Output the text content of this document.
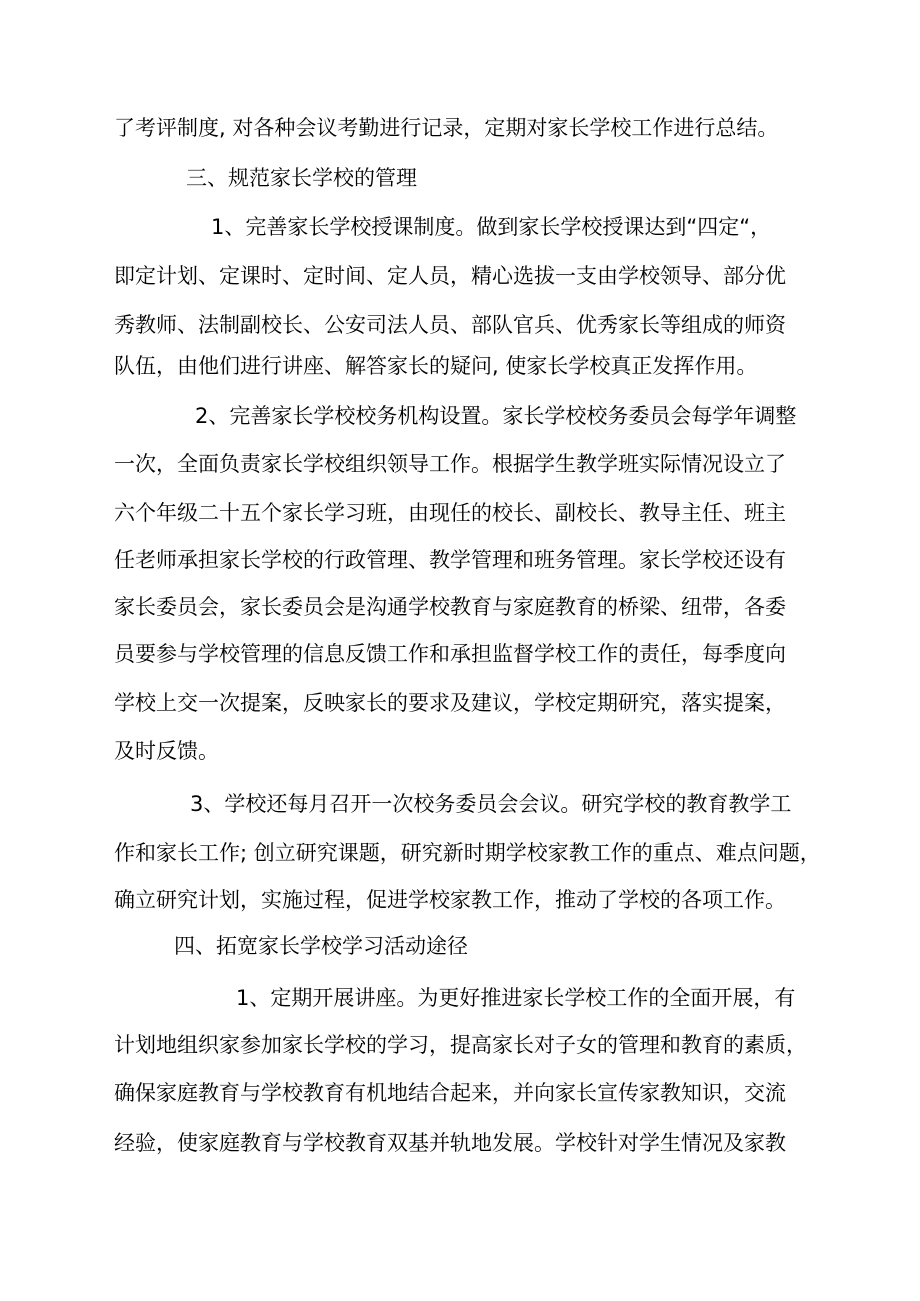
了考评制度, 对各种会议考勤进行记录，定期对家长学校工作进行总结。
三、规范家长学校的管理
1、完善家长学校授课制度。做到家长学校授课达到“四定“，
即定计划、定课时、定时间、定人员，精心选拔一支由学校领导、部分优
秀教师、法制副校长、公安司法人员、部队官兵、优秀家长等组成的师资
队伍，由他们进行讲座、解答家长的疑问, 使家长学校真正发挥作用。
2、完善家长学校校务机构设置。家长学校校务委员会每学年调整
一次，全面负责家长学校组织领导工作。根据学生教学班实际情况设立了
六个年级二十五个家长学习班，由现任的校长、副校长、教导主任、班主
任老师承担家长学校的行政管理、教学管理和班务管理。家长学校还设有
家长委员会，家长委员会是沟通学校教育与家庭教育的桥梁、纽带，各委
员要参与学校管理的信息反馈工作和承担监督学校工作的责任，每季度向
学校上交一次提案，反映家长的要求及建议，学校定期研究，落实提案，
及时反馈。
3、学校还每月召开一次校务委员会会议。研究学校的教育教学工
作和家长工作; 创立研究课题，研究新时期学校家教工作的重点、难点问题，
确立研究计划，实施过程，促进学校家教工作，推动了学校的各项工作。
四、拓宽家长学校学习活动途径
1、定期开展讲座。为更好推进家长学校工作的全面开展，有
计划地组织家参加家长学校的学习，提高家长对子女的管理和教育的素质，
确保家庭教育与学校教育有机地结合起来，并向家长宣传家教知识，交流
经验，使家庭教育与学校教育双基并轨地发展。学校针对学生情况及家教
